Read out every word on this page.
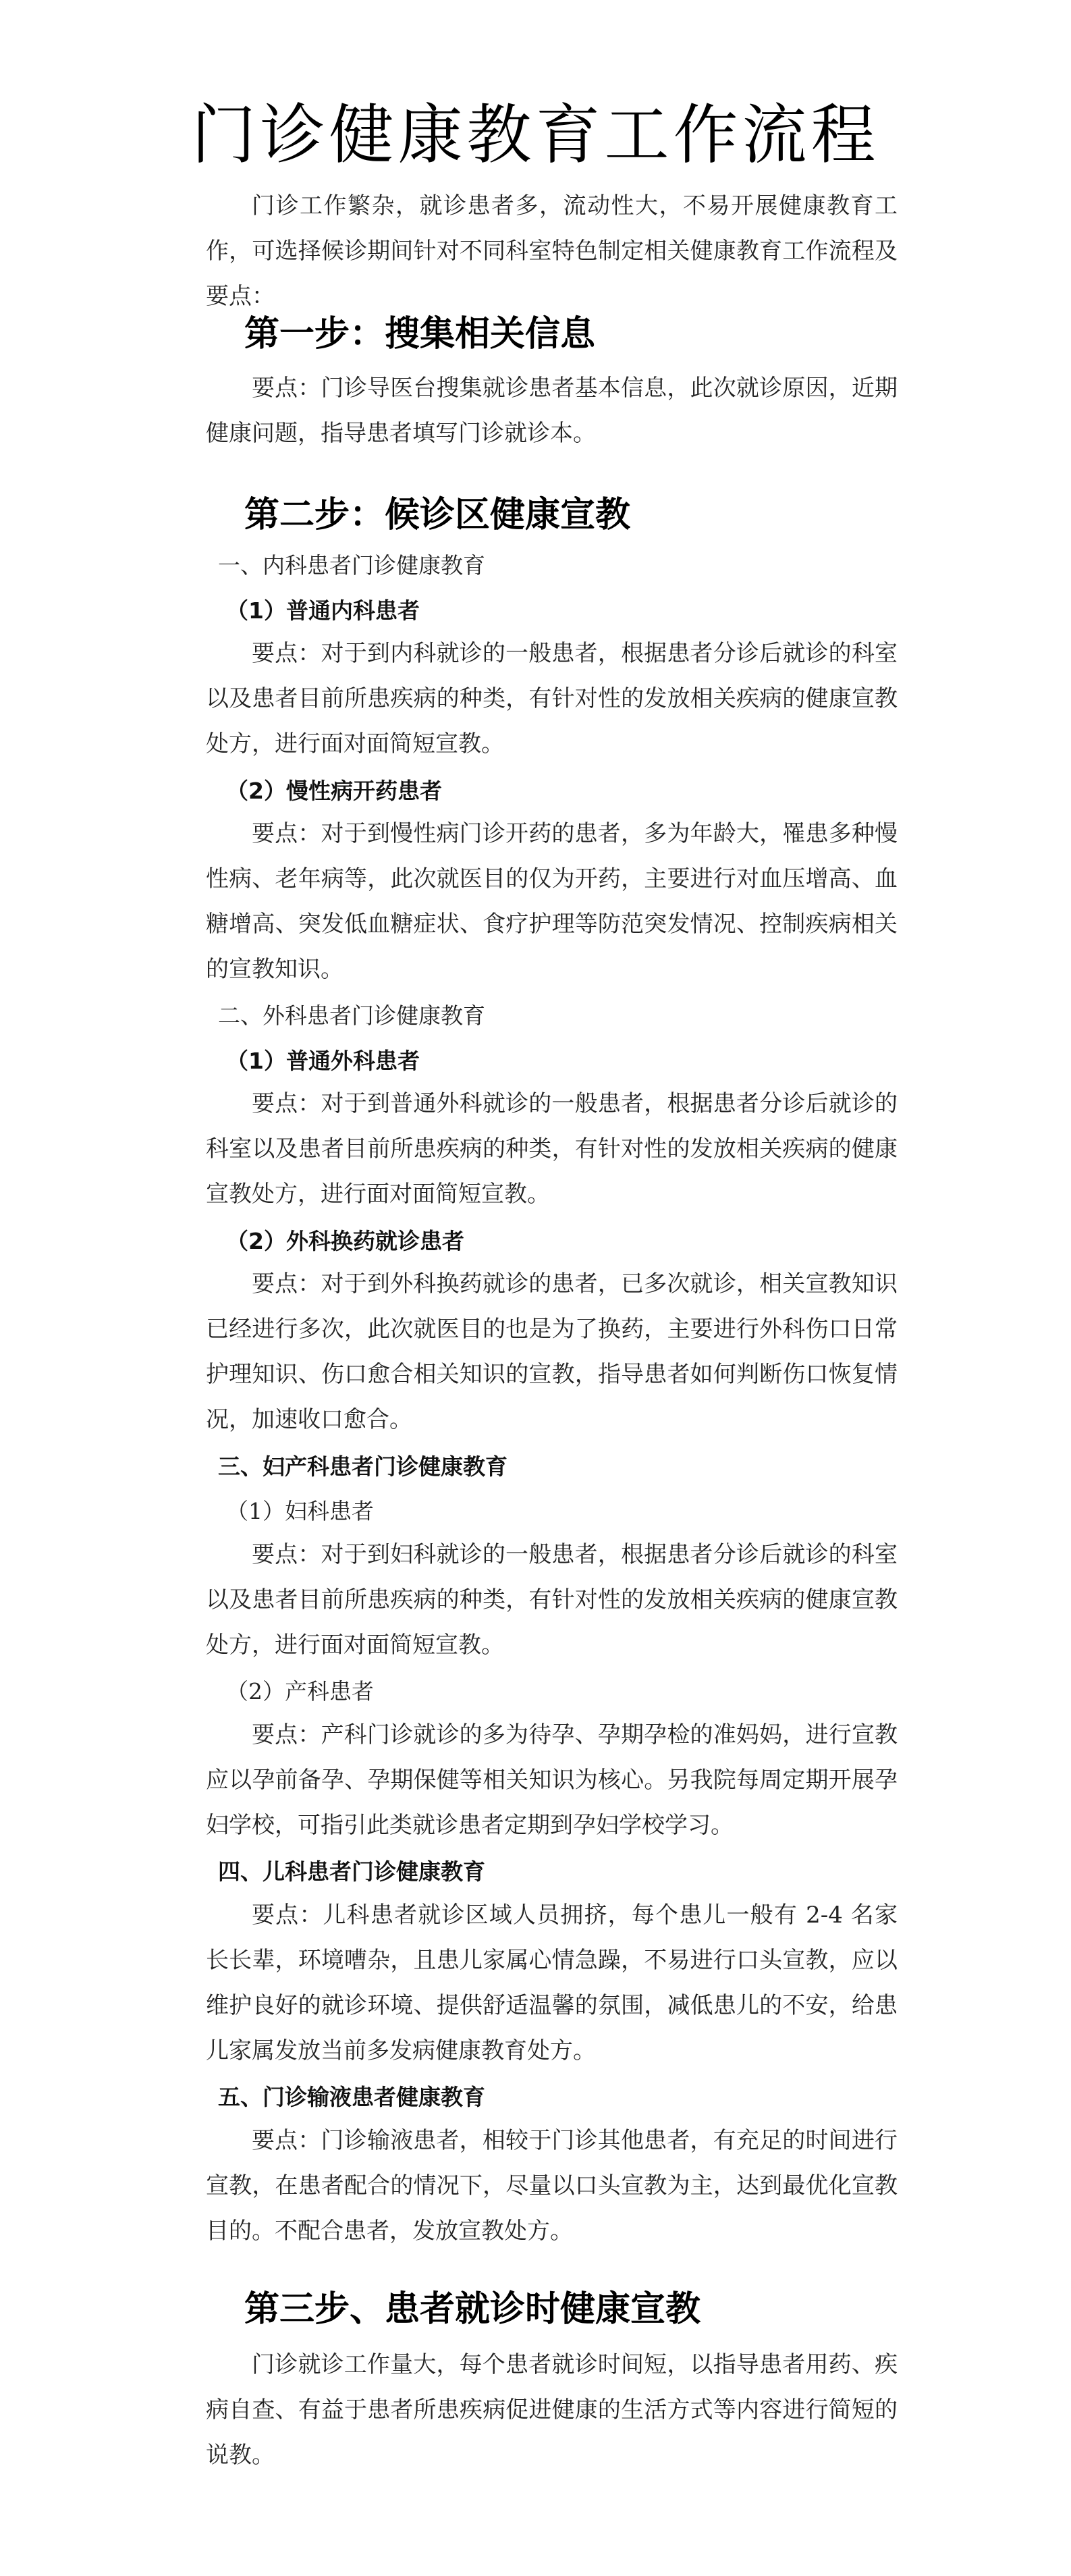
门诊健康教育工作流程

门诊工作繁杂，就诊患者多，流动性大，不易开展健康教育工作，可选择候诊期间针对不同科室特色制定相关健康教育工作流程及要点：

第一步：搜集相关信息

要点：门诊导医台搜集就诊患者基本信息，此次就诊原因，近期健康问题，指导患者填写门诊就诊本。

第二步：候诊区健康宣教
一、内科患者门诊健康教育
（1）普通内科患者

要点：对于到内科就诊的一般患者，根据患者分诊后就诊的科室以及患者目前所患疾病的种类，有针对性的发放相关疾病的健康宣教处方，进行面对面简短宣教。

（2）慢性病开药患者

要点：对于到慢性病门诊开药的患者，多为年龄大，罹患多种慢性病、老年病等，此次就医目的仅为开药，主要进行对血压增高、血糖增高、突发低血糖症状、食疗护理等防范突发情况、控制疾病相关的宣教知识。

二、外科患者门诊健康教育
（1）普通外科患者

要点：对于到普通外科就诊的一般患者，根据患者分诊后就诊的科室以及患者目前所患疾病的种类，有针对性的发放相关疾病的健康宣教处方，进行面对面简短宣教。

（2）外科换药就诊患者

要点：对于到外科换药就诊的患者，已多次就诊，相关宣教知识已经进行多次，此次就医目的也是为了换药，主要进行外科伤口日常护理知识、伤口愈合相关知识的宣教，指导患者如何判断伤口恢复情况，加速收口愈合。

三、妇产科患者门诊健康教育
（1）妇科患者

要点：对于到妇科就诊的一般患者，根据患者分诊后就诊的科室以及患者目前所患疾病的种类，有针对性的发放相关疾病的健康宣教处方，进行面对面简短宣教。

（2）产科患者

要点：产科门诊就诊的多为待孕、孕期孕检的准妈妈，进行宣教应以孕前备孕、孕期保健等相关知识为核心。另我院每周定期开展孕妇学校，可指引此类就诊患者定期到孕妇学校学习。

四、儿科患者门诊健康教育

要点：儿科患者就诊区域人员拥挤，每个患儿一般有 2-4 名家长长辈，环境嘈杂，且患儿家属心情急躁，不易进行口头宣教，应以维护良好的就诊环境、提供舒适温馨的氛围，减低患儿的不安，给患儿家属发放当前多发病健康教育处方。

五、门诊输液患者健康教育

要点：门诊输液患者，相较于门诊其他患者，有充足的时间进行宣教，在患者配合的情况下，尽量以口头宣教为主，达到最优化宣教目的。不配合患者，发放宣教处方。

第三步、患者就诊时健康宣教

门诊就诊工作量大，每个患者就诊时间短，以指导患者用药、疾病自查、有益于患者所患疾病促进健康的生活方式等内容进行简短的说教。
